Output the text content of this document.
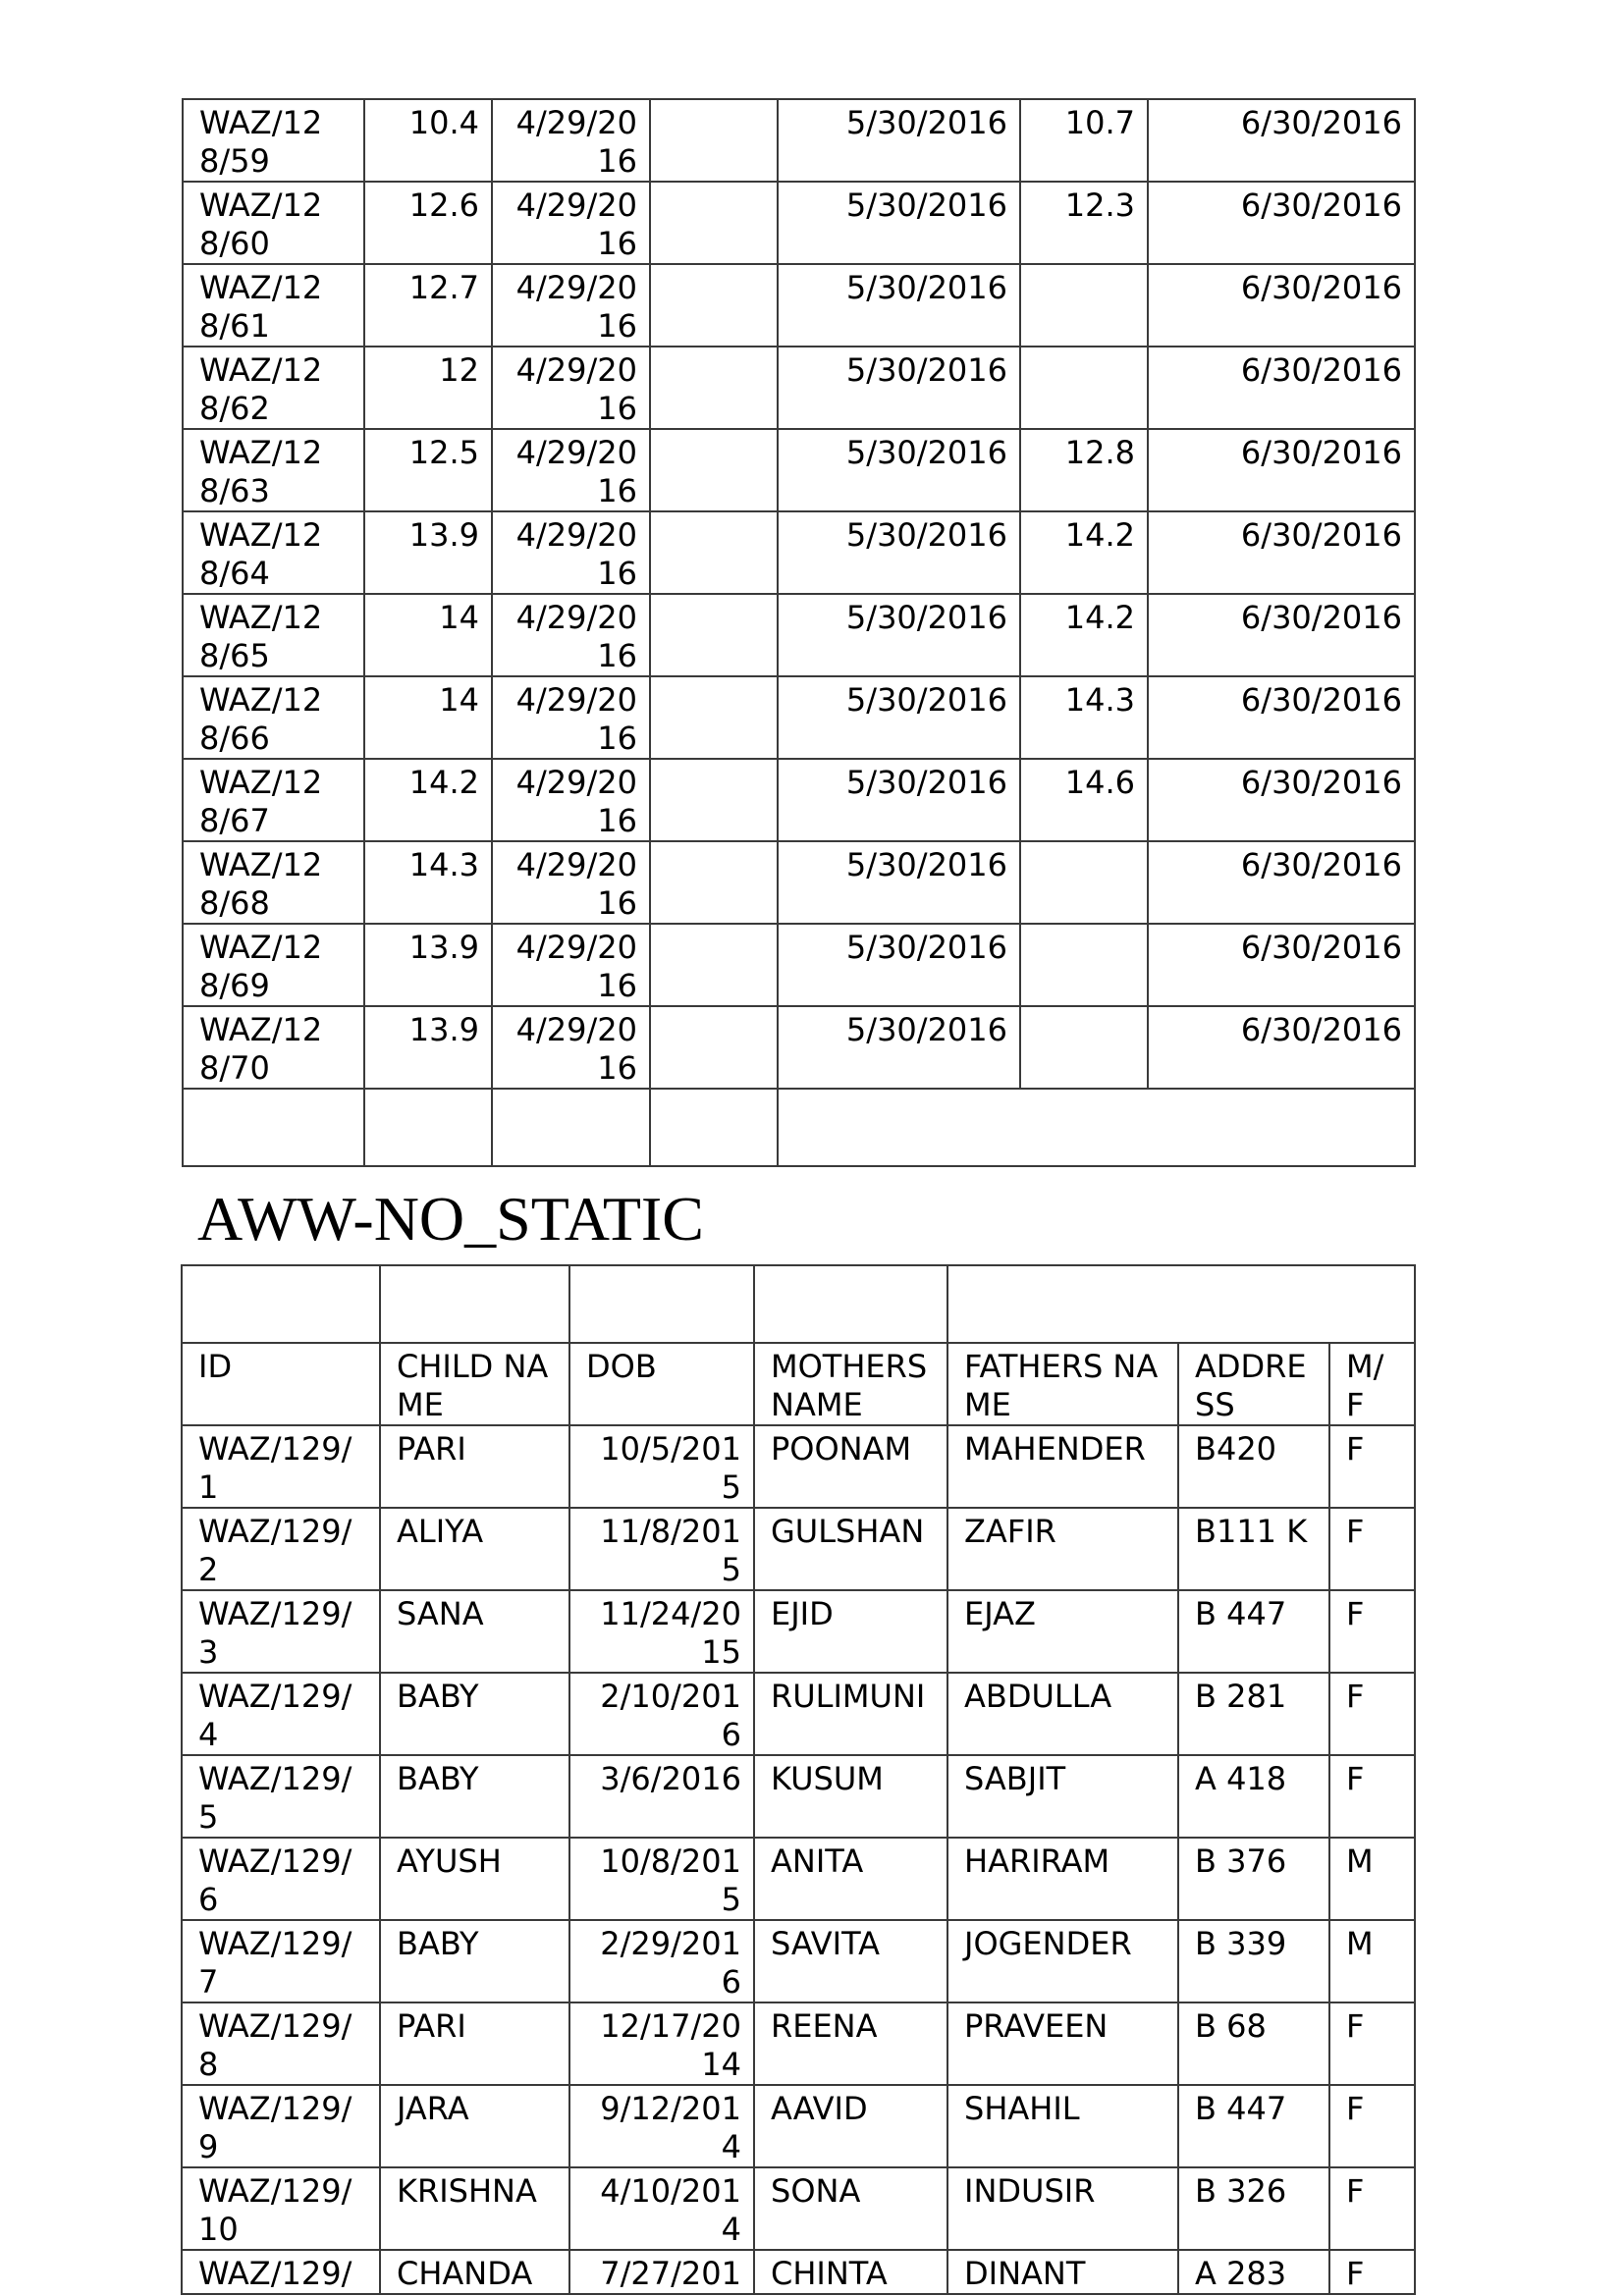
WAZ/128/59	10.4	4/29/2016		5/30/2016	10.7	6/30/2016
WAZ/128/60	12.6	4/29/2016		5/30/2016	12.3	6/30/2016
WAZ/128/61	12.7	4/29/2016		5/30/2016		6/30/2016
WAZ/128/62	12	4/29/2016		5/30/2016		6/30/2016
WAZ/128/63	12.5	4/29/2016		5/30/2016	12.8	6/30/2016
WAZ/128/64	13.9	4/29/2016		5/30/2016	14.2	6/30/2016
WAZ/128/65	14	4/29/2016		5/30/2016	14.2	6/30/2016
WAZ/128/66	14	4/29/2016		5/30/2016	14.3	6/30/2016
WAZ/128/67	14.2	4/29/2016		5/30/2016	14.6	6/30/2016
WAZ/128/68	14.3	4/29/2016		5/30/2016		6/30/2016
WAZ/128/69	13.9	4/29/2016		5/30/2016		6/30/2016
WAZ/128/70	13.9	4/29/2016		5/30/2016		6/30/2016

AWW-NO_STATIC

ID	CHILD NAME	DOB	MOTHERS NAME	FATHERS NAME	ADDRESS	M/F
WAZ/129/1	PARI	10/5/2015	POONAM	MAHENDER	B420	F
WAZ/129/2	ALIYA	11/8/2015	GULSHAN	ZAFIR	B111 K	F
WAZ/129/3	SANA	11/24/2015	EJID	EJAZ	B 447	F
WAZ/129/4	BABY	2/10/2016	RULIMUNI	ABDULLA	B 281	F
WAZ/129/5	BABY	3/6/2016	KUSUM	SABJIT	A 418	F
WAZ/129/6	AYUSH	10/8/2015	ANITA	HARIRAM	B 376	M
WAZ/129/7	BABY	2/29/2016	SAVITA	JOGENDER	B 339	M
WAZ/129/8	PARI	12/17/2014	REENA	PRAVEEN	B 68	F
WAZ/129/9	JARA	9/12/2014	AAVID	SHAHIL	B 447	F
WAZ/129/10	KRISHNA	4/10/2014	SONA	INDUSIR	B 326	F
WAZ/129/	CHANDA	7/27/201	CHINTA	DINANT	A 283	F
